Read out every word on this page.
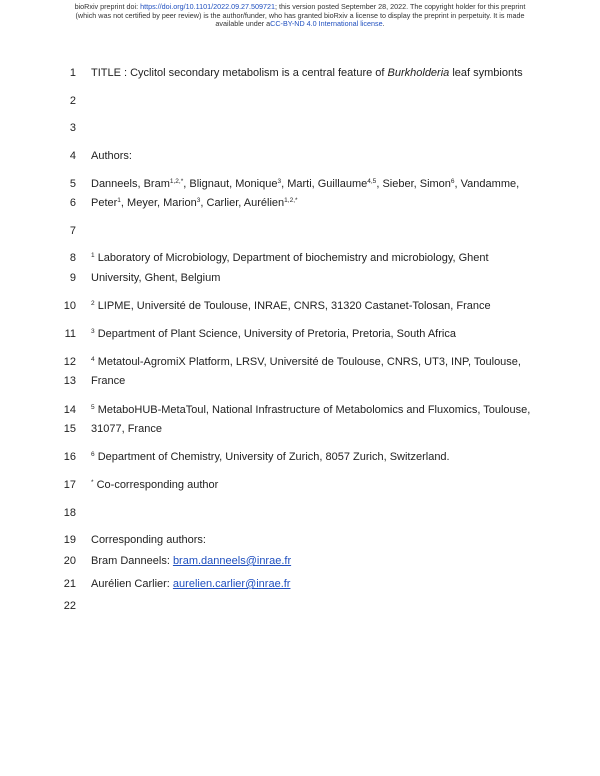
bioRxiv preprint doi: https://doi.org/10.1101/2022.09.27.509721; this version posted September 28, 2022. The copyright holder for this preprint
(which was not certified by peer review) is the author/funder, who has granted bioRxiv a license to display the preprint in perpetuity. It is made
available under aCC-BY-ND 4.0 International license.
1
2
3
4
5
6
7
8
9
10
11
12
13
14
15
16
17
18
19
20
21
22
TITLE : Cyclitol secondary metabolism is a central feature of Burkholderia leaf symbionts
Authors:
Danneels, Bram$^{1,2,*}$, Blignaut, Monique$^3$, Marti, Guillaume$^{4,5}$, Sieber, Simon$^6$, Vandamme,
Peter$^1$, Meyer, Marion$^3$, Carlier, Aurélien$^{1,2,*}$
$^1$ Laboratory of Microbiology, Department of biochemistry and microbiology, Ghent
University, Ghent, Belgium
$^2$ LIPME, Université de Toulouse, INRAE, CNRS, 31320 Castanet-Tolosan, France
$^3$ Department of Plant Science, University of Pretoria, Pretoria, South Africa
$^4$ Metatoul-AgromiX Platform, LRSV, Université de Toulouse, CNRS, UT3, INP, Toulouse,
France
$^5$ MetaboHUB-MetaToul, National Infrastructure of Metabolomics and Fluxomics, Toulouse,
31077, France
$^6$ Department of Chemistry, University of Zurich, 8057 Zurich, Switzerland.
* Co-corresponding author
Corresponding authors:
Bram Danneels: bram.danneels@inrae.fr
Aurélien Carlier: aurelien.carlier@inrae.fr
